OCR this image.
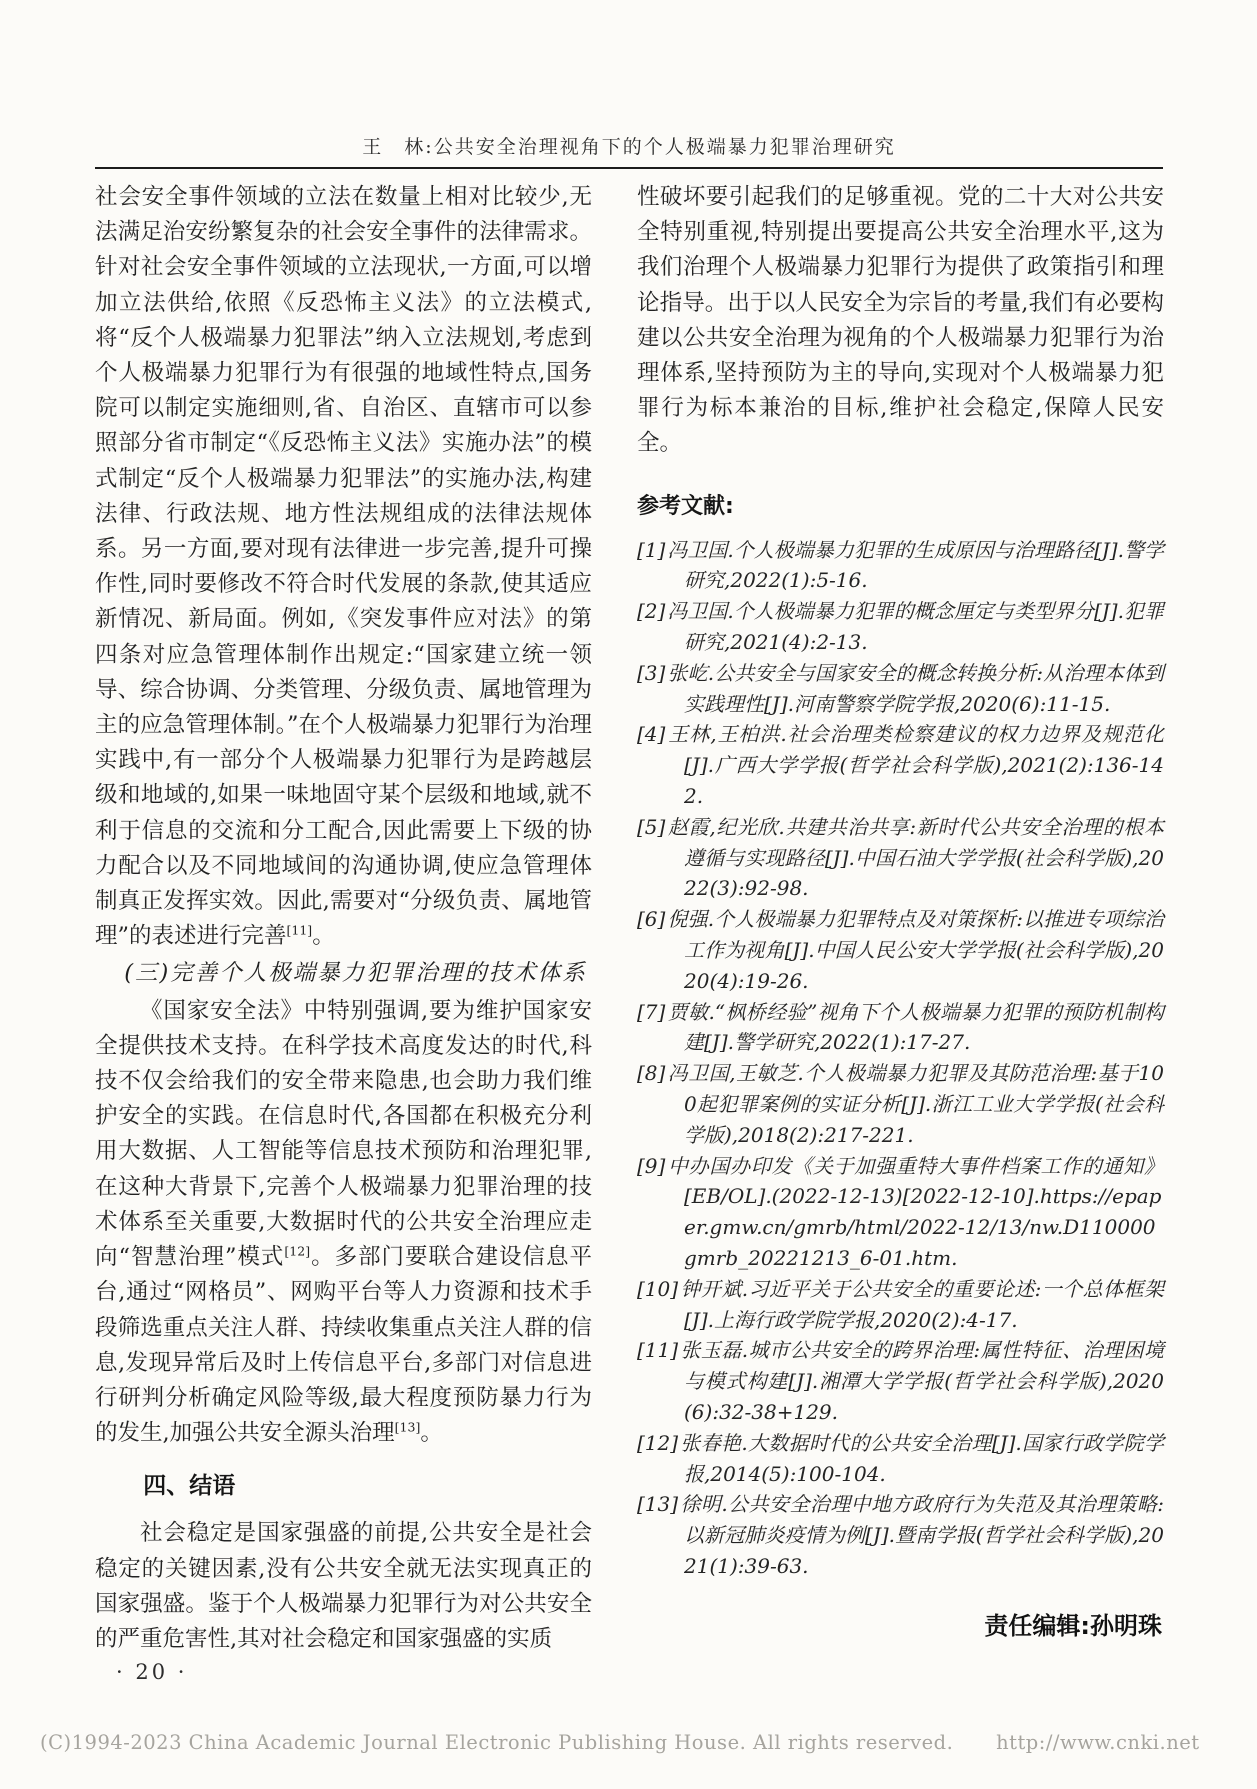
王　林:公共安全治理视角下的个人极端暴力犯罪治理研究

社会安全事件领域的立法在数量上相对比较少,无法满足治安纷繁复杂的社会安全事件的法律需求。针对社会安全事件领域的立法现状,一方面,可以增加立法供给,依照《反恐怖主义法》的立法模式,将“反个人极端暴力犯罪法”纳入立法规划,考虑到个人极端暴力犯罪行为有很强的地域性特点,国务院可以制定实施细则,省、自治区、直辖市可以参照部分省市制定“《反恐怖主义法》实施办法”的模式制定“反个人极端暴力犯罪法”的实施办法,构建法律、行政法规、地方性法规组成的法律法规体系。另一方面,要对现有法律进一步完善,提升可操作性,同时要修改不符合时代发展的条款,使其适应新情况、新局面。例如,《突发事件应对法》的第四条对应急管理体制作出规定:“国家建立统一领导、综合协调、分类管理、分级负责、属地管理为主的应急管理体制。”在个人极端暴力犯罪行为治理实践中,有一部分个人极端暴力犯罪行为是跨越层级和地域的,如果一味地固守某个层级和地域,就不利于信息的交流和分工配合,因此需要上下级的协力配合以及不同地域间的沟通协调,使应急管理体制真正发挥实效。因此,需要对“分级负责、属地管理”的表述进行完善[11]。

(三)完善个人极端暴力犯罪治理的技术体系

《国家安全法》中特别强调,要为维护国家安全提供技术支持。在科学技术高度发达的时代,科技不仅会给我们的安全带来隐患,也会助力我们维护安全的实践。在信息时代,各国都在积极充分利用大数据、人工智能等信息技术预防和治理犯罪,在这种大背景下,完善个人极端暴力犯罪治理的技术体系至关重要,大数据时代的公共安全治理应走向“智慧治理”模式[12]。多部门要联合建设信息平台,通过“网格员”、网购平台等人力资源和技术手段筛选重点关注人群、持续收集重点关注人群的信息,发现异常后及时上传信息平台,多部门对信息进行研判分析确定风险等级,最大程度预防暴力行为的发生,加强公共安全源头治理[13]。

四、结语

社会稳定是国家强盛的前提,公共安全是社会稳定的关键因素,没有公共安全就无法实现真正的国家强盛。鉴于个人极端暴力犯罪行为对公共安全的严重危害性,其对社会稳定和国家强盛的实质

性破坏要引起我们的足够重视。党的二十大对公共安全特别重视,特别提出要提高公共安全治理水平,这为我们治理个人极端暴力犯罪行为提供了政策指引和理论指导。出于以人民安全为宗旨的考量,我们有必要构建以公共安全治理为视角的个人极端暴力犯罪行为治理体系,坚持预防为主的导向,实现对个人极端暴力犯罪行为标本兼治的目标,维护社会稳定,保障人民安全。

参考文献:
[1] 冯卫国.个人极端暴力犯罪的生成原因与治理路径[J].警学研究,2022(1):5-16.
[2] 冯卫国.个人极端暴力犯罪的概念厘定与类型界分[J].犯罪研究,2021(4):2-13.
[3] 张屹.公共安全与国家安全的概念转换分析:从治理本体到实践理性[J].河南警察学院学报,2020(6):11-15.
[4] 王林,王柏洪.社会治理类检察建议的权力边界及规范化[J].广西大学学报(哲学社会科学版),2021(2):136-142.
[5] 赵霞,纪光欣.共建共治共享:新时代公共安全治理的根本遵循与实现路径[J].中国石油大学学报(社会科学版),2022(3):92-98.
[6] 倪强.个人极端暴力犯罪特点及对策探析:以推进专项综治工作为视角[J].中国人民公安大学学报(社会科学版),2020(4):19-26.
[7] 贾敏.“枫桥经验”视角下个人极端暴力犯罪的预防机制构建[J].警学研究,2022(1):17-27.
[8] 冯卫国,王敏芝.个人极端暴力犯罪及其防范治理:基于100起犯罪案例的实证分析[J].浙江工业大学学报(社会科学版),2018(2):217-221.
[9] 中办国办印发《关于加强重特大事件档案工作的通知》[EB/OL].(2022-12-13)[2022-12-10].https://epaper.gmw.cn/gmrb/html/2022-12/13/nw.D110000gmrb_20221213_6-01.htm.
[10] 钟开斌.习近平关于公共安全的重要论述:一个总体框架[J].上海行政学院学报,2020(2):4-17.
[11] 张玉磊.城市公共安全的跨界治理:属性特征、治理困境与模式构建[J].湘潭大学学报(哲学社会科学版),2020(6):32-38+129.
[12] 张春艳.大数据时代的公共安全治理[J].国家行政学院学报,2014(5):100-104.
[13] 徐明.公共安全治理中地方政府行为失范及其治理策略:以新冠肺炎疫情为例[J].暨南学报(哲学社会科学版),2021(1):39-63.

责任编辑:孙明珠

· 20 ·
(C)1994-2023 China Academic Journal Electronic Publishing House. All rights reserved. http://www.cnki.net
